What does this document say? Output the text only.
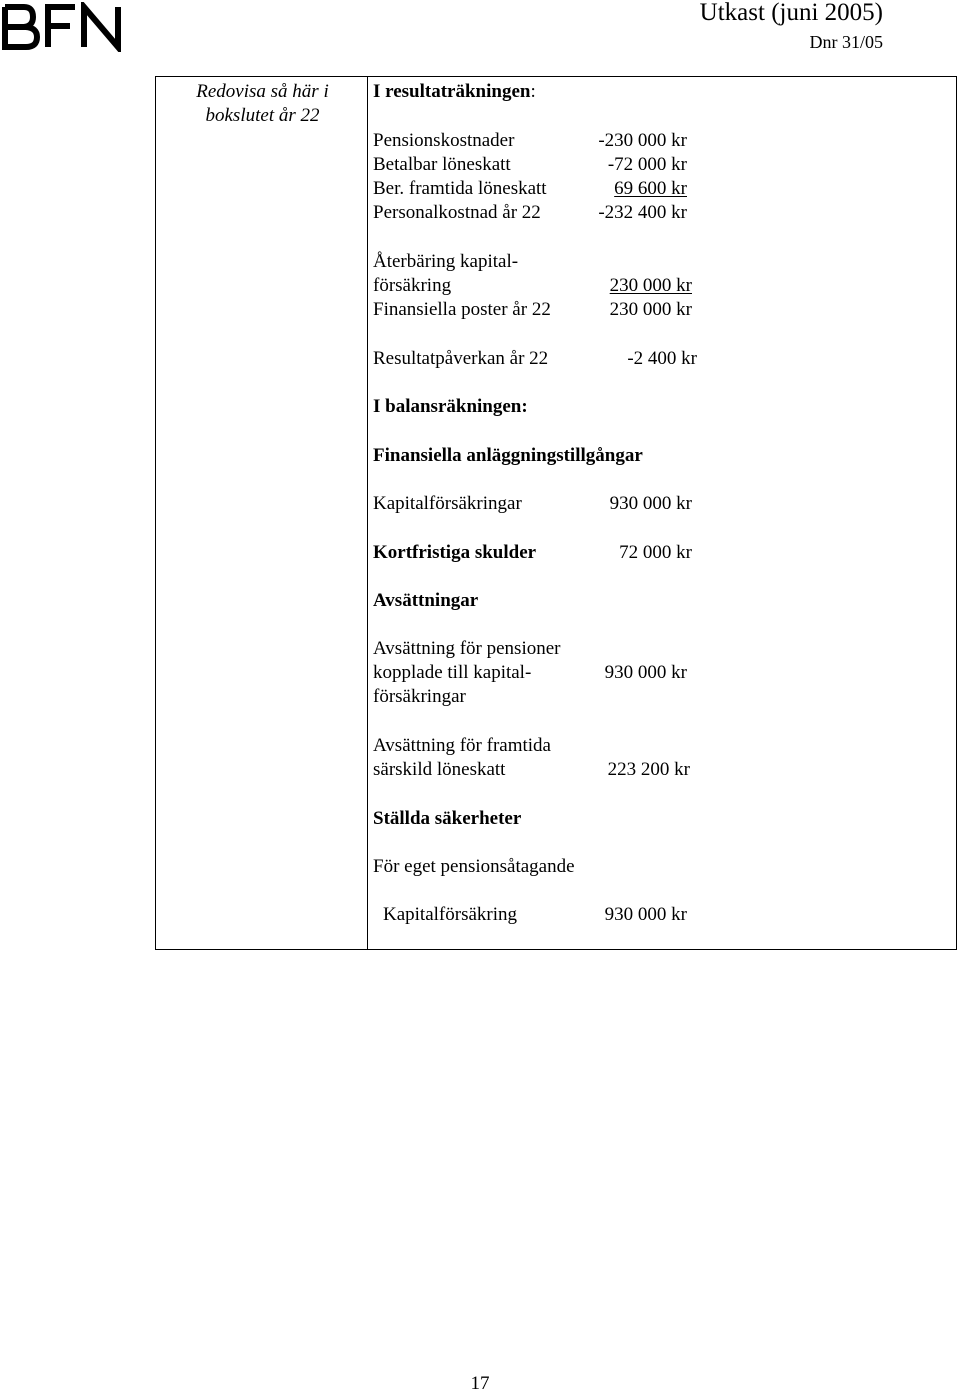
Utkast (juni 2005)
Dnr 31/05
Redovisa så här i bokslutet år 22
I resultaträkningen:
Pensionskostnader	-230 000 kr
Betalbar löneskatt	-72 000 kr
Ber. framtida löneskatt	69 600 kr
Personalkostnad år 22	-232 400 kr
Återbäring kapital-
försäkring	230 000 kr
Finansiella poster år 22	230 000 kr
Resultatpåverkan år 22	-2 400 kr
I balansräkningen:
Finansiella anläggningstillgångar
Kapitalförsäkringar	930 000 kr
Kortfristiga skulder	72 000 kr
Avsättningar
Avsättning för pensioner
kopplade till kapital-	930 000 kr
försäkringar
Avsättning för framtida
särskild löneskatt	223 200 kr
Ställda säkerheter
För eget pensionsåtagande
Kapitalförsäkring	930 000 kr
17
